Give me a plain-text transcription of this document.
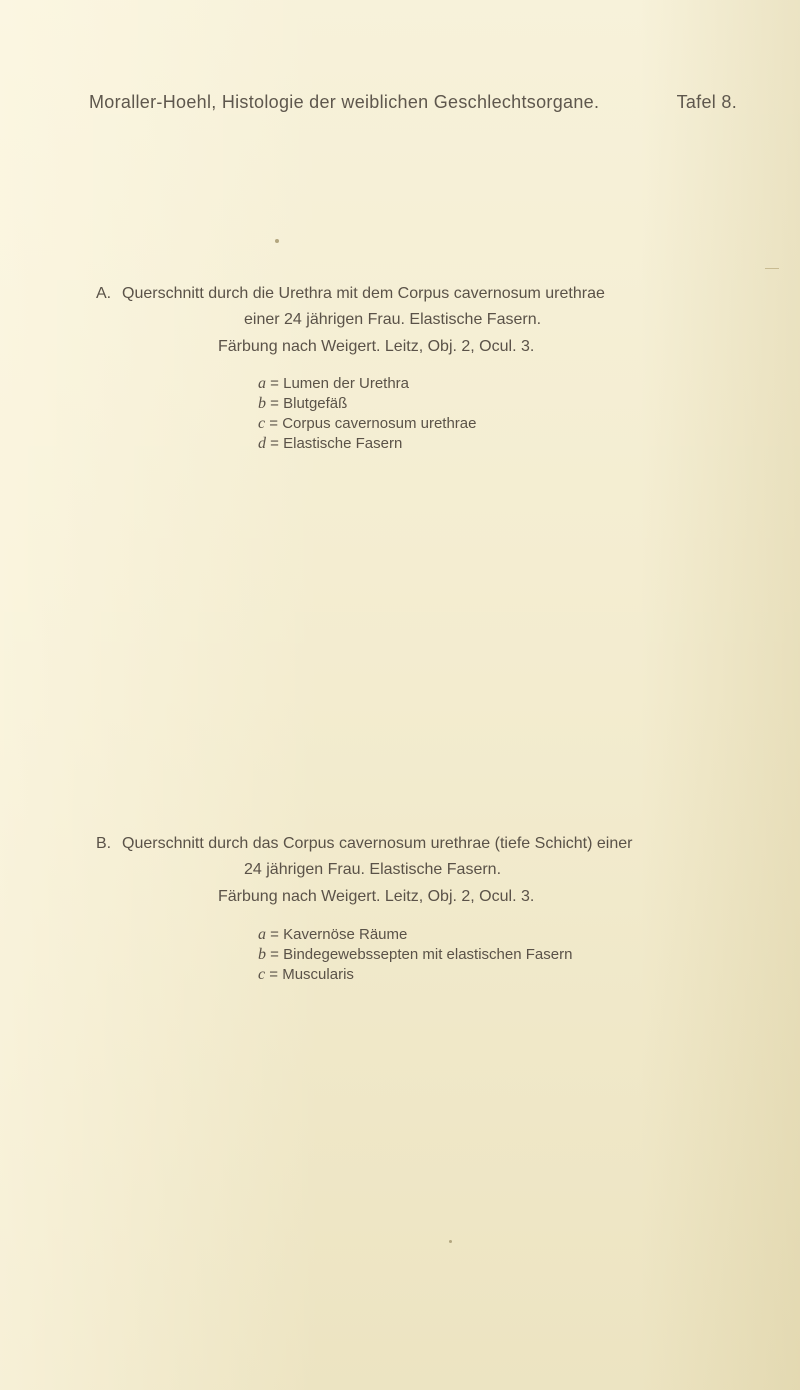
Moraller-Hoehl, Histologie der weiblichen Geschlechtsorgane.	Tafel 8.
A. Querschnitt durch die Urethra mit dem Corpus cavernosum urethrae
einer 24 jährigen Frau. Elastische Fasern.
Färbung nach Weigert. Leitz, Obj. 2, Ocul. 3.
a = Lumen der Urethra
b = Blutgefäß
c = Corpus cavernosum urethrae
d = Elastische Fasern
B. Querschnitt durch das Corpus cavernosum urethrae (tiefe Schicht) einer
24 jährigen Frau. Elastische Fasern.
Färbung nach Weigert. Leitz, Obj. 2, Ocul. 3.
a = Kavernöse Räume
b = Bindegewebssepten mit elastischen Fasern
c = Muscularis
